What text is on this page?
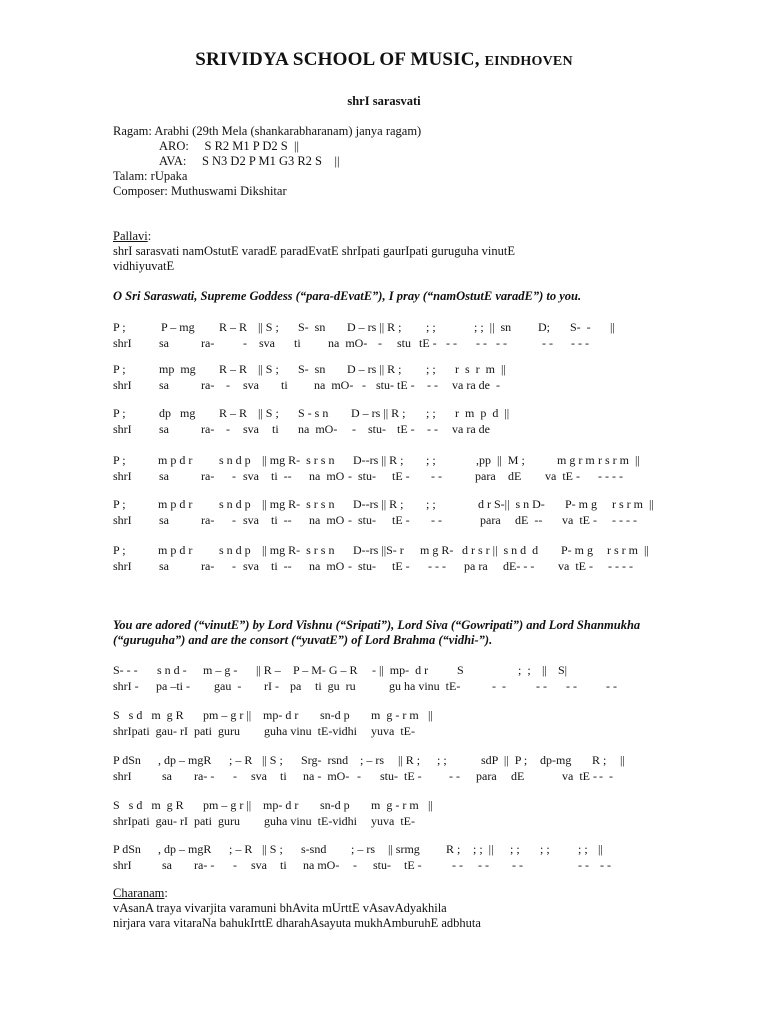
SRIVIDYA SCHOOL OF MUSIC, EINDHOVEN
shrI sarasvati
Ragam: Arabhi (29th Mela (shankarabharanam) janya ragam)
ARO:     S R2 M1 P D2 S  ||
AVA:     S N3 D2 P M1 G3 R2 S    ||
Talam: rUpaka
Composer: Muthuswami Dikshitar
Pallavi:
shrI sarasvati namOstutE varadE paradEvatE shrIpati gaurIpati guruguha vinutE
vidhiyuvatE
O Sri Saraswati, Supreme Goddess (“para-dEvatE”), I pray (“namOstutE varadE”) to you.
P ;	P – mg R – R || S ; S-  sn D – rs || R ; ; ;	; ;  ||  sn D; S-  - ||
shrI sa	ra- - sva ti na  mO- - stu tE - - - - -   - -	- - - - -
P ;	mp  mg R – R || S ; S-  sn D – rs || R ; ; ; r  s  r  m  ||
shrI sa	ra- - sva ti na  mO- - stu- tE - - - va ra de  -
P ;	dp   mg R – R || S ; S - s n D – rs || R ; ; ; r  m  p  d  ||
shrI sa	ra- - sva ti na  mO- - stu- tE - - - va ra de
P ;	m p d r s n d p || mg R-  s r s n D--rs || R ; ; ;	,pp  ||  M ;	m g r m r s r m  ||
shrI sa	ra- - sva ti  -- na  mO -  stu- tE - - -	para dE va  tE - - - - -
P ;	m p d r s n d p || mg R-  s r s n D--rs || R ; ; ;	d r S-||  s n D- P- m g r s r m  ||
shrI sa	ra- - sva ti  -- na  mO -  stu- tE - - -	para dE  -- va  tE - - - - -
P ;	m p d r s n d p || mg R-  s r s n D--rs ||S- r m g R- d r s r ||  s n d  d P- m g r s r m  ||
shrI sa	ra- - sva ti  -- na  mO -  stu- tE - - - - pa ra dE- - - va  tE - - - - -
You are adored (“vinutE”) by Lord Vishnu (“Sripati”), Lord Siva (“Gowripati”) and Lord Shanmukha
(“guruguha”) and are the consort (“yuvatE”) of Lord Brahma (“vidhi-”).
S- - - s n d - m – g - || R – P – M- G – R - ||  mp-  d r S	;  ; || S|
shrI - pa –ti - gau  - rI - pa ti  gu  ru	gu ha vinu  tE-	-  -	- - - - - -
S   s d   m  g R pm – g r || mp- d r sn-d p m  g - r m ||
shrIpati  gau- rI  pati  guru guha vinu  tE-vidhi yuva  tE-
P dSn , dp – mgR ; – R || S ; Srg-  rsnd ; – rs || R ; ; ;	sdP  ||  P ; dp-mg R ; ||
shrI	sa ra- - - sva ti na -  mO- - stu- tE - - - para dE	va  tE - -  -
S   s d   m  g R pm – g r || mp- d r sn-d p m  g - r m ||
shrIpati  gau- rI  pati  guru guha vinu  tE-vidhi yuva  tE-
P dSn , dp – mgR ; – R || S ; s-snd ; – rs || srmg R ; ; ;  || ; ; ; ; ; ; ||
shrI	sa ra- - - sva ti na mO- - stu- tE -	- - - - - -	- - - -
Charanam:
vAsanA traya vivarjita varamuni bhAvita mUrttE vAsavAdyakhila
nirjara vara vitaraNa bahukIrttE dharahAsayuta mukhAmburuhE adbhuta
